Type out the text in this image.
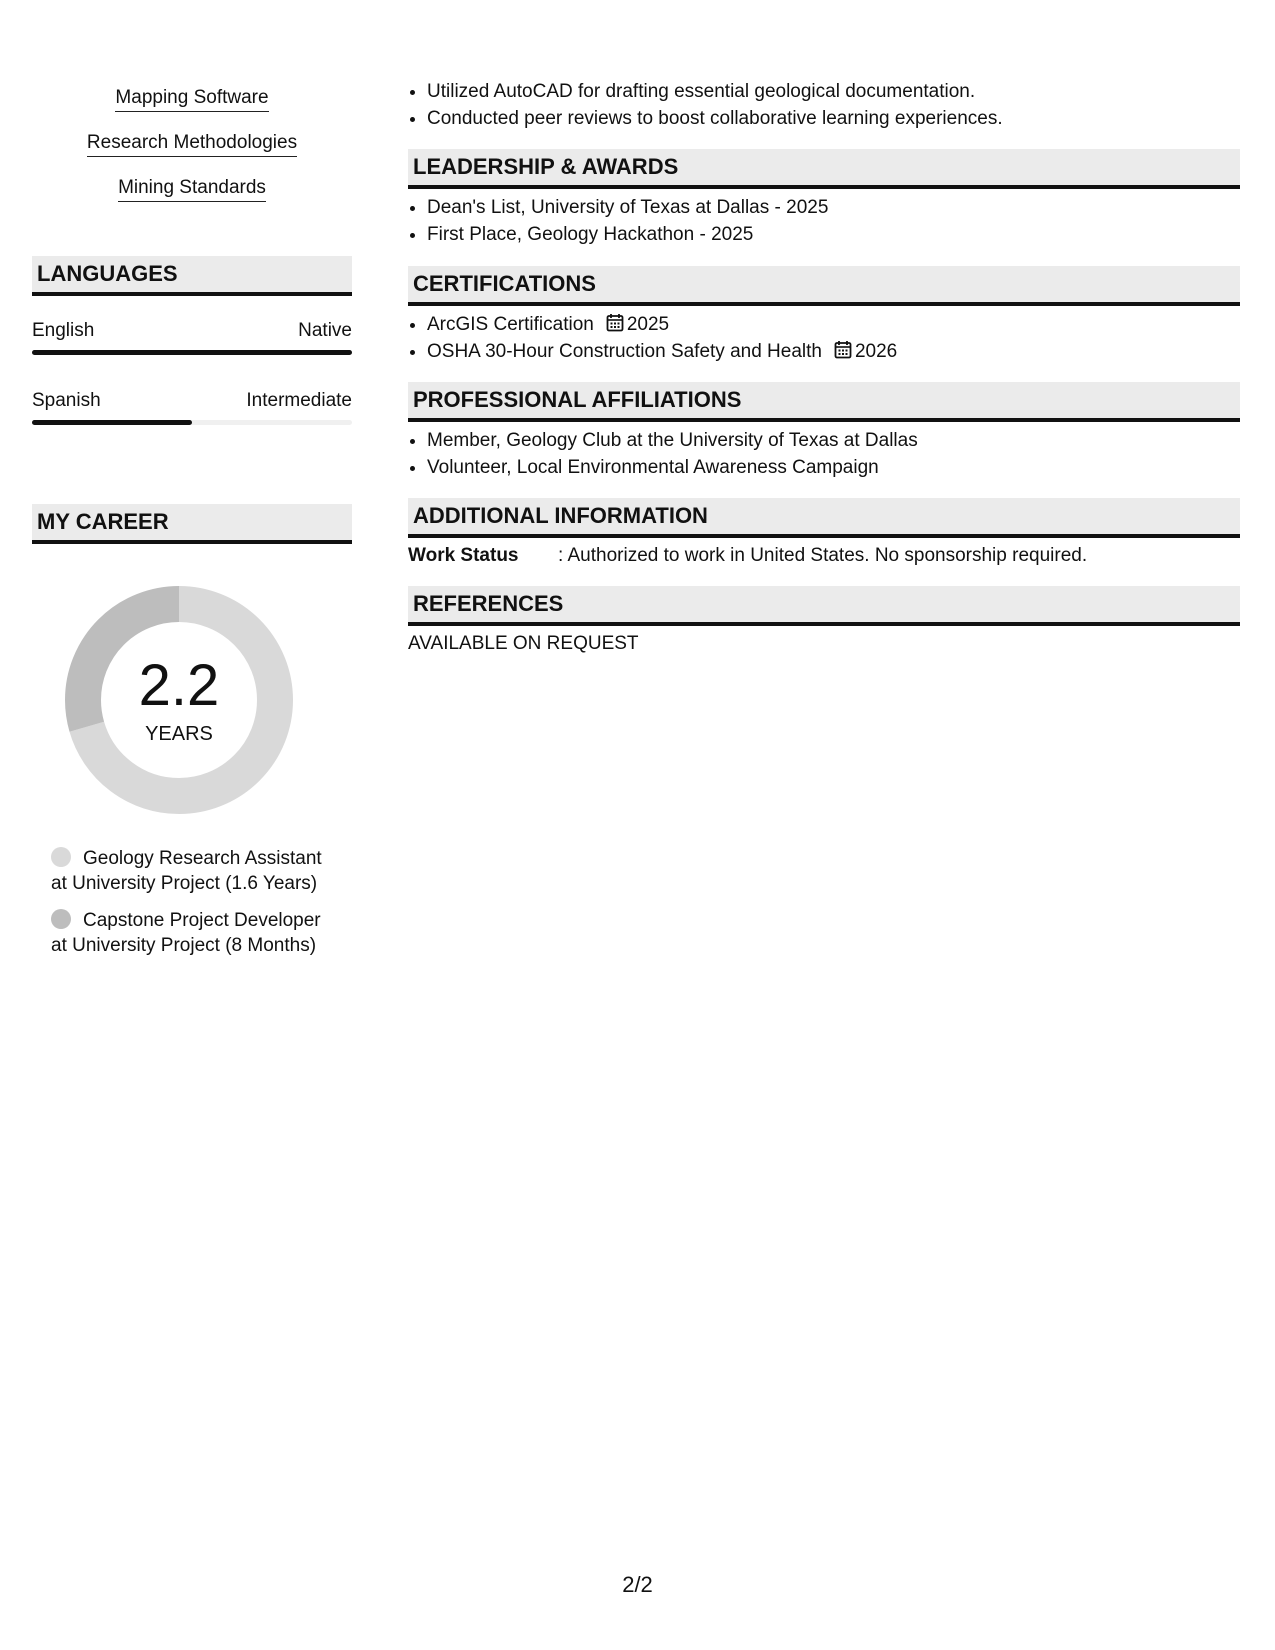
Mapping Software
Research Methodologies
Mining Standards
LANGUAGES
English	Native
Spanish	Intermediate
MY CAREER
2.2
YEARS
Geology Research Assistant
at University Project (1.6 Years)
Capstone Project Developer
at University Project (8 Months)
• Utilized AutoCAD for drafting essential geological documentation.
• Conducted peer reviews to boost collaborative learning experiences.
LEADERSHIP & AWARDS
• Dean's List, University of Texas at Dallas - 2025
• First Place, Geology Hackathon - 2025
CERTIFICATIONS
• ArcGIS Certification 2025
• OSHA 30-Hour Construction Safety and Health 2026
PROFESSIONAL AFFILIATIONS
• Member, Geology Club at the University of Texas at Dallas
• Volunteer, Local Environmental Awareness Campaign
ADDITIONAL INFORMATION
Work Status : Authorized to work in United States. No sponsorship required.
REFERENCES
AVAILABLE ON REQUEST
2/2
